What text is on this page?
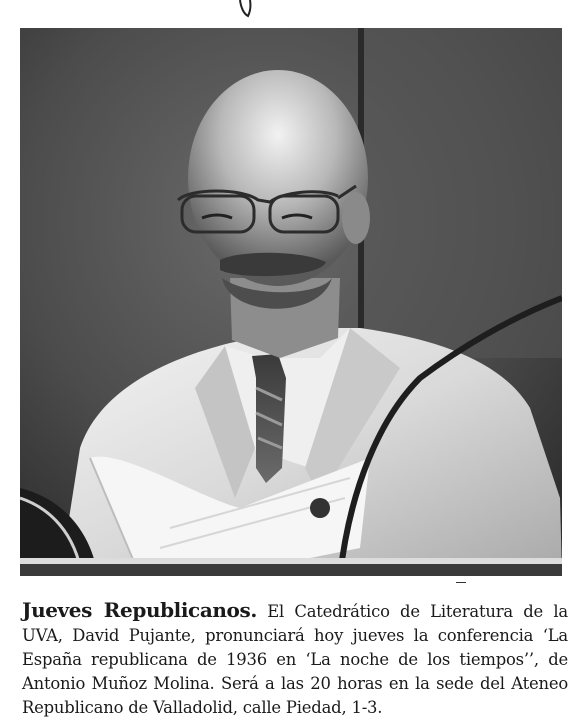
Jueves Republicanos. El Catedrático de Literatura de la UVA, David Pujante, pronunciará hoy jueves la conferencia ‘La España republicana de 1936 en ‘La noche de los tiempos’’, de Antonio Muñoz Molina. Será a las 20 horas en la sede del Ateneo Republicano de Valladolid, calle Piedad, 1-3.
